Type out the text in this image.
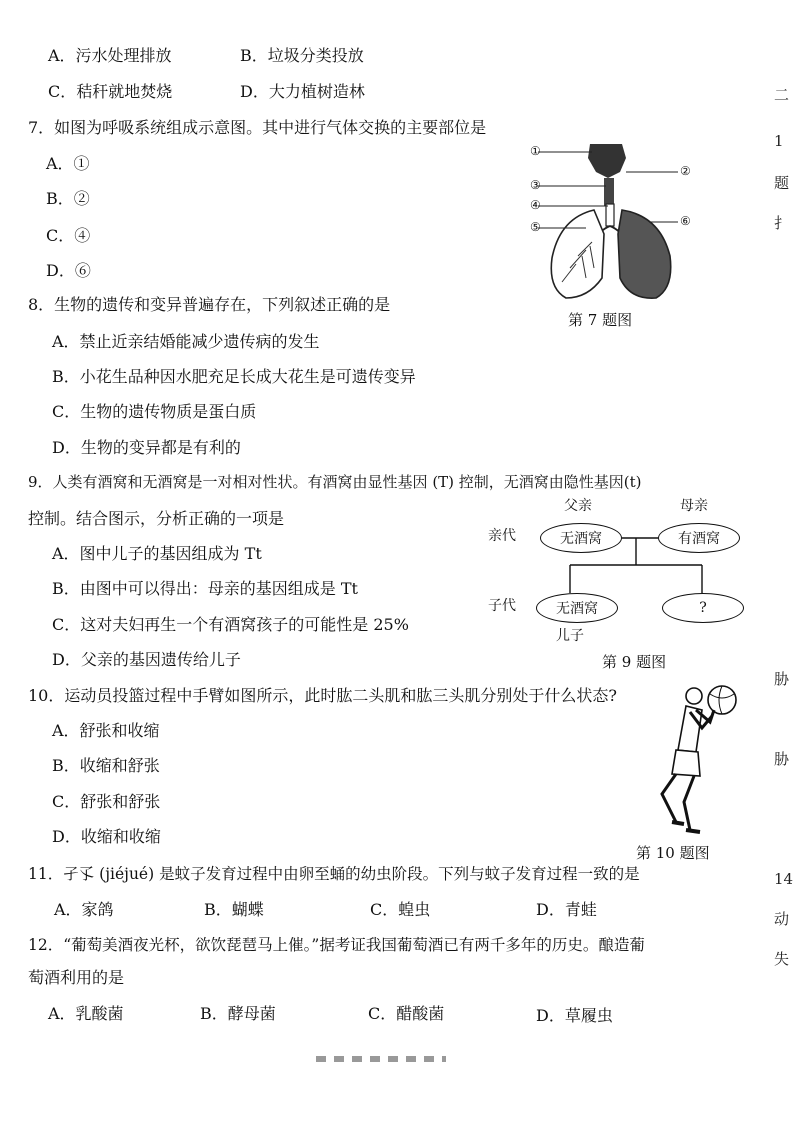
A．污水处理排放	B．垃圾分类投放
C．秸秆就地焚烧	D．大力植树造林
7．如图为呼吸系统组成示意图。其中进行气体交换的主要部位是
A．①
B．②
C．④
D．⑥
①
②
③
④
⑤	⑥
第 7 题图
8．生物的遗传和变异普遍存在，下列叙述正确的是
A．禁止近亲结婚能减少遗传病的发生
B．小花生品种因水肥充足长成大花生是可遗传变异
C．生物的遗传物质是蛋白质
D．生物的变异都是有利的
9．人类有酒窝和无酒窝是一对相对性状。有酒窝由显性基因 (T) 控制，无酒窝由隐性基因(t)
控制。结合图示，分析正确的一项是
A．图中儿子的基因组成为 Tt
B．由图中可以得出：母亲的基因组成是 Tt
C．这对夫妇再生一个有酒窝孩子的可能性是 25%
D．父亲的基因遗传给儿子
父亲	母亲
亲代	无酒窝	有酒窝
子代	无酒窝	?
儿子
第 9 题图
10．运动员投篮过程中手臂如图所示，此时肱二头肌和肱三头肌分别处于什么状态?
A．舒张和收缩
B．收缩和舒张
C．舒张和舒张
D．收缩和收缩
第 10 题图
11．孑孓 (jiéjué) 是蚊子发育过程中由卵至蛹的幼虫阶段。下列与蚊子发育过程一致的是
A．家鸽	B．蝴蝶	C．蝗虫	D．青蛙
12．“葡萄美酒夜光杯，欲饮琵琶马上催。”据考证我国葡萄酒已有两千多年的历史。酿造葡
萄酒利用的是
A．乳酸菌	B．酵母菌	C．醋酸菌	D．草履虫
二
1
题
扌
胁
胁
14
动
失
